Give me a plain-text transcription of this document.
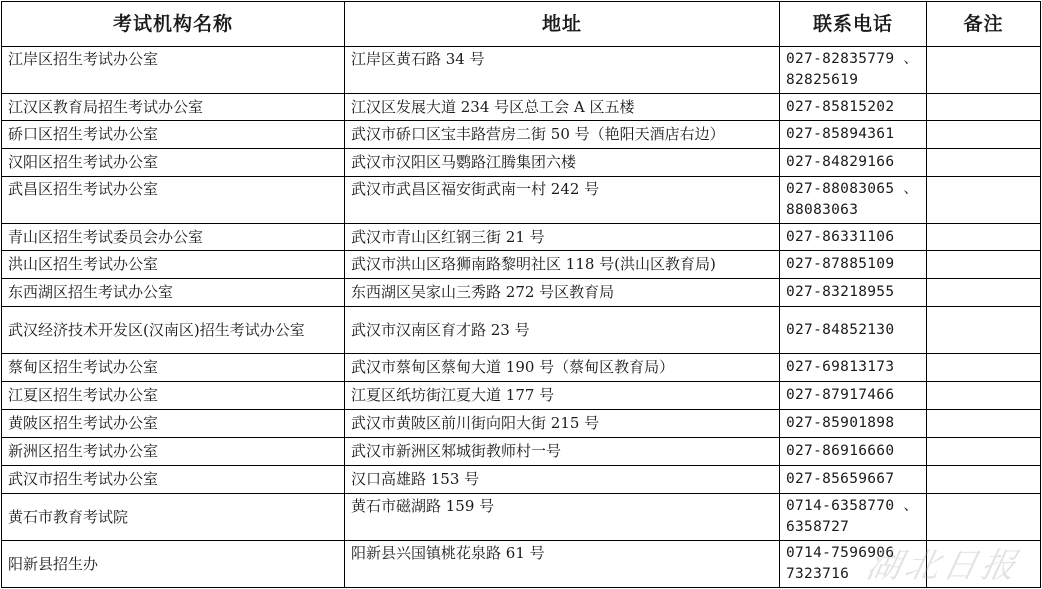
考试机构名称	地址	联系电话	备注
江岸区招生考试办公室	江岸区黄石路 34 号	027-82835779 、
82825619	

江汉区教育局招生考试办公室	江汉区发展大道 234 号区总工会 A 区五楼	027-85815202	
硚口区招生考试办公室	武汉市硚口区宝丰路营房二街 50 号（艳阳天酒店右边）	027-85894361	
汉阳区招生考试办公室	武汉市汉阳区马鹦路江腾集团六楼	027-84829166	
武昌区招生考试办公室	武汉市武昌区福安街武南一村 242 号	027-88083065 、
88083063	

青山区招生考试委员会办公室	武汉市青山区红钢三街 21 号	027-86331106	
洪山区招生考试办公室	武汉市洪山区珞狮南路黎明社区 118 号(洪山区教育局)	027-87885109	
东西湖区招生考试办公室	东西湖区吴家山三秀路 272 号区教育局	027-83218955	
武汉经济技术开发区(汉南区)招生考试办公室	武汉市汉南区育才路 23 号	027-84852130	
蔡甸区招生考试办公室	武汉市蔡甸区蔡甸大道 190 号（蔡甸区教育局）	027-69813173	
江夏区招生考试办公室	江夏区纸坊街江夏大道 177 号	027-87917466	
黄陂区招生考试办公室	武汉市黄陂区前川街向阳大街 215 号	027-85901898	
新洲区招生考试办公室	武汉市新洲区邾城街教师村一号	027-86916660	
武汉市招生考试办公室	汉口高雄路 153 号	027-85659667	
黄石市教育考试院	黄石市磁湖路 159 号	0714-6358770 、
6358727	

阳新县招生办	阳新县兴国镇桃花泉路 61 号	0714-7596906
7323716	
	湖北日报
